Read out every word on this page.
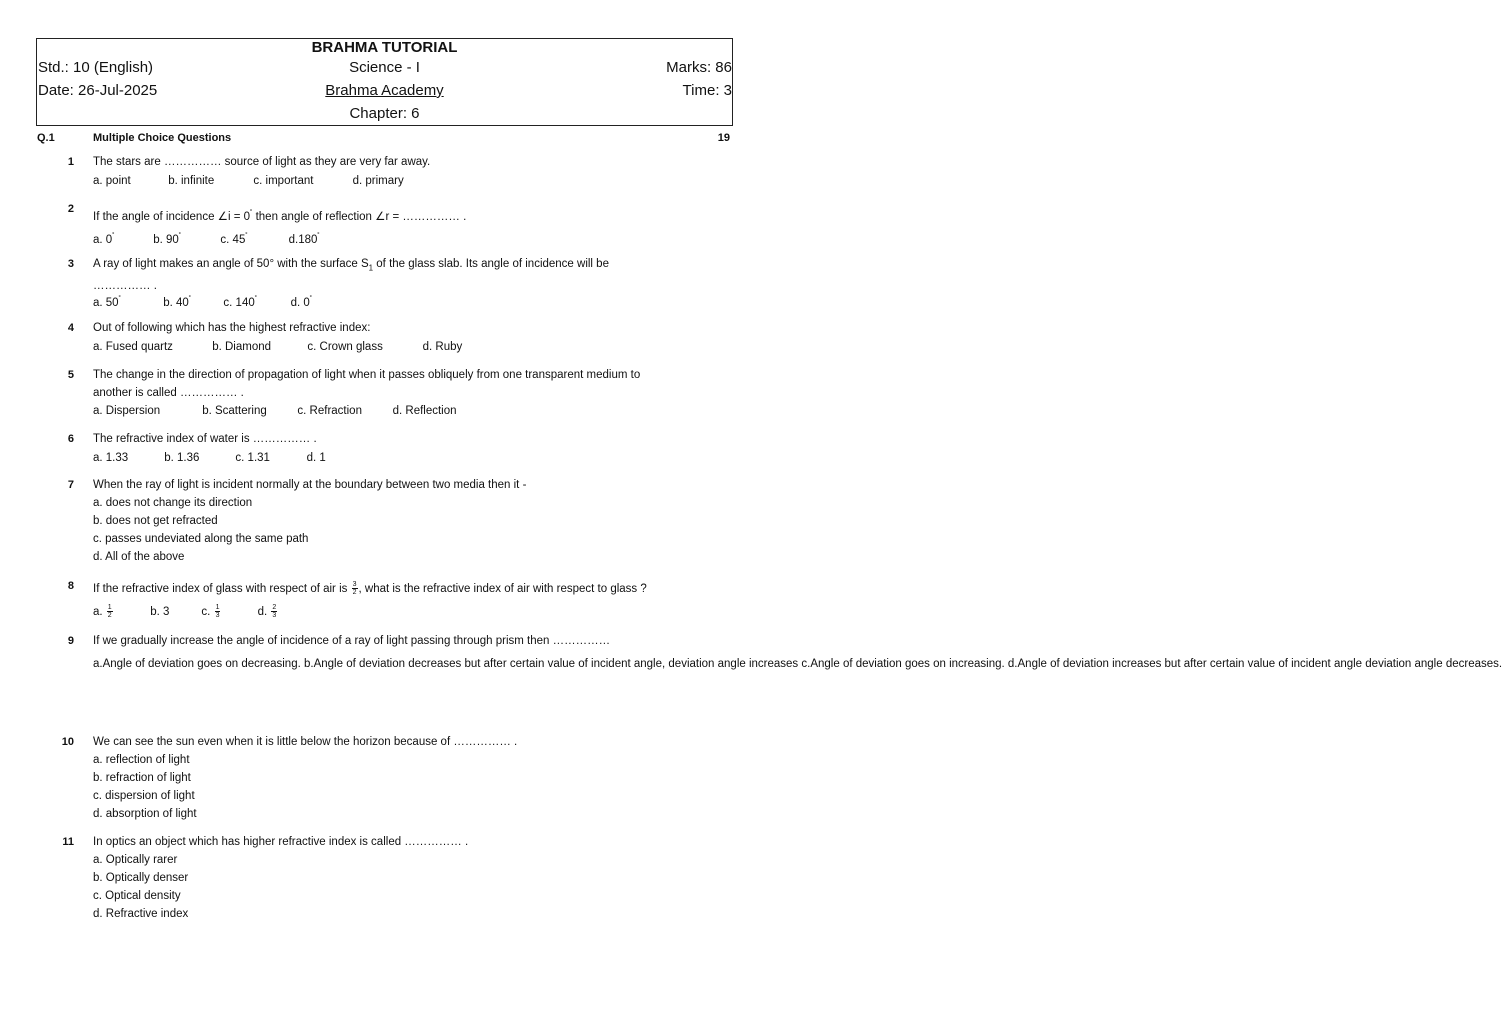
BRAHMA TUTORIAL
Std.: 10 (English)	Science - I	Marks: 86
Date: 26-Jul-2025	Brahma Academy	Time: 3
Chapter: 6
Q.1	Multiple Choice Questions	19
1 The stars are …………… source of light as they are very far away.
a. point	b. infinite	c. important	d. primary
2
If the angle of incidence ∠i = 0˚ then angle of reflection ∠r = …………… .
a. 0˚	b. 90˚	c. 45˚	d.180˚
3 A ray of light makes an angle of 50° with the surface $S_1$ of the glass slab. Its angle of incidence will be
…………… .
a. 50˚	b. 40˚	c. 140˚	d. 0˚
4 Out of following which has the highest refractive index:
a. Fused quartz	b. Diamond	c. Crown glass	d. Ruby
5 The change in the direction of propagation of light when it passes obliquely from one transparent medium to
another is called …………… .
a. Dispersion	b. Scattering	c. Refraction	d. Reflection
6 The refractive index of water is …………… .
a. 1.33	b. 1.36	c. 1.31	d. 1
7 When the ray of light is incident normally at the boundary between two media then it -
a. does not change its direction
b. does not get refracted
c. passes undeviated along the same path
d. All of the above
8 If the refractive index of glass with respect of air is $\frac{3}{2}$ , what is the refractive index of air with respect to glass ?
a. $\frac{1}{2}$	b. 3	c. $\frac{1}{3}$	d. $\frac{2}{3}$
9 If we gradually increase the angle of incidence of a ray of light passing through prism then ……………
a.Angle of deviation goes on decreasing. b.Angle of deviation decreases but after certain value of incident angle, deviation angle increases c.Angle of deviation goes on increasing. d.Angle of deviation increases but after certain value of incident angle deviation angle decreases.
10 We can see the sun even when it is little below the horizon because of …………… .
a. reflection of light
b. refraction of light
c. dispersion of light
d. absorption of light
11 In optics an object which has higher refractive index is called …………… .
a. Optically rarer
b. Optically denser
c. Optical density
d. Refractive index
